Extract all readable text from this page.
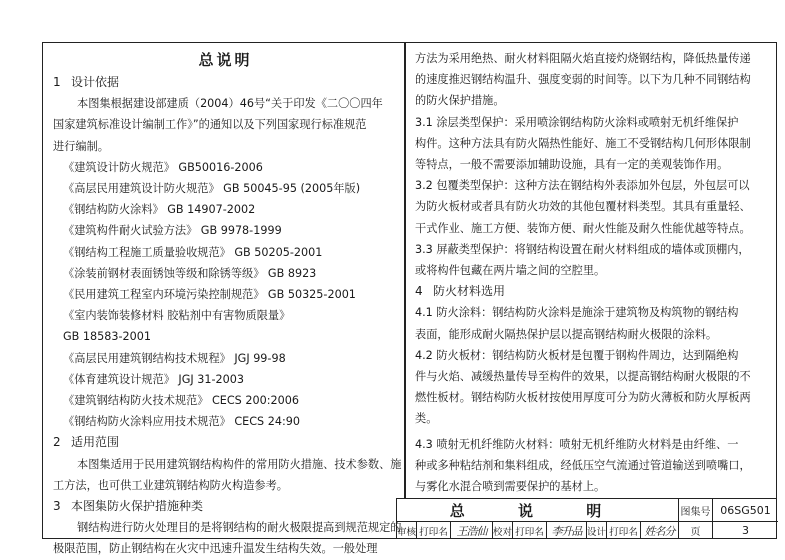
总说明

1 设计依据

本图集根据建设部建质（2004）46号“关于印发《二〇〇四年

国家建筑标准设计编制工作》”的通知以及下列国家现行标准规范

进行编制。

《建筑设计防火规范》 GB50016-2006

《高层民用建筑设计防火规范》 GB 50045-95 (2005年版)

《钢结构防火涂料》 GB 14907-2002

《建筑构件耐火试验方法》 GB 9978-1999

《钢结构工程施工质量验收规范》 GB 50205-2001

《涂装前钢材表面锈蚀等级和除锈等级》 GB 8923

《民用建筑工程室内环境污染控制规范》 GB 50325-2001

《室内装饰装修材料 胶粘剂中有害物质限量》

GB 18583-2001

《高层民用建筑钢结构技术规程》 JGJ 99-98

《体育建筑设计规范》 JGJ 31-2003

《建筑钢结构防火技术规范》 CECS 200:2006

《钢结构防火涂料应用技术规范》 CECS 24:90

2 适用范围

本图集适用于民用建筑钢结构构件的常用防火措施、技术参数、施

工方法，也可供工业建筑钢结构防火构造参考。

3 本图集防火保护措施种类

钢结构进行防火处理目的是将钢结构的耐火极限提高到规范规定的

极限范围，防止钢结构在火灾中迅速升温发生结构失效。一般处理

方法为采用绝热、耐火材料阻隔火焰直接灼烧钢结构，降低热量传递

的速度推迟钢结构温升、强度变弱的时间等。以下为几种不同钢结构

的防火保护措施。

3.1 涂层类型保护：采用喷涂钢结构防火涂料或喷射无机纤维保护

构件。这种方法具有防火隔热性能好、施工不受钢结构几何形体限制

等特点，一般不需要添加辅助设施，具有一定的美观装饰作用。

3.2 包覆类型保护：这种方法在钢结构外表添加外包层，外包层可以

为防火板材或者具有防火功效的其他包覆材料类型。其具有重量轻、

干式作业、施工方便、装饰方便、耐火性能及耐久性能优越等特点。

3.3 屏蔽类型保护：将钢结构设置在耐火材料组成的墙体或顶棚内，

或将构件包藏在两片墙之间的空腔里。

4 防火材料选用

4.1 防火涂料：钢结构防火涂料是施涂于建筑物及构筑物的钢结构

表面，能形成耐火隔热保护层以提高钢结构耐火极限的涂料。

4.2 防火板材：钢结构防火板材是包覆于钢构件周边，达到隔绝构

件与火焰、减缓热量传导至构件的效果，以提高钢结构耐火极限的不

燃性板材。钢结构防火板材按使用厚度可分为防火薄板和防火厚板两

类。

4.3 喷射无机纤维防火材料：喷射无机纤维防火材料是由纤维、一

种或多种粘结剂和集料组成，经低压空气流通过管道输送到喷嘴口，

与雾化水混合喷到需要保护的基材上。

总 说 明	图集号 06SG501
审核 打印名 王浩仙 校对 打印名 李升品 设计 打印名 姓名分	页	3
